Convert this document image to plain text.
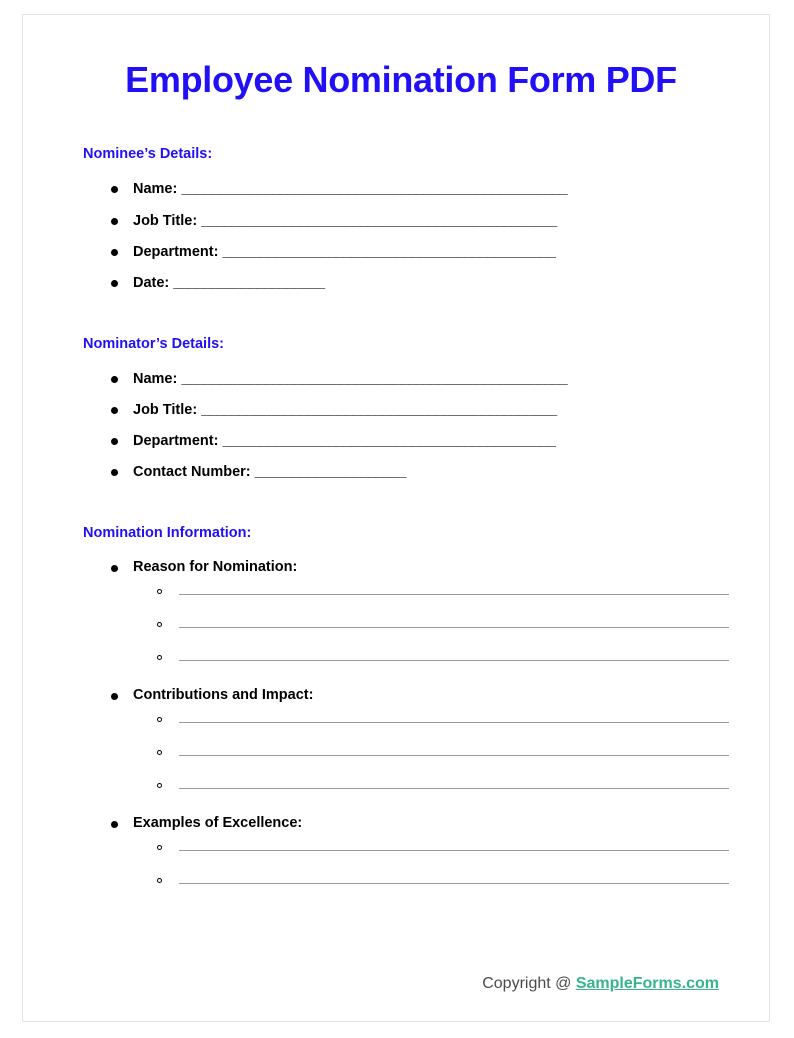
Employee Nomination Form PDF
Nominee’s Details:
Name: ___________________________________________________
Job Title: _______________________________________________
Department: ____________________________________________
Date: ____________________
Nominator’s Details:
Name: ___________________________________________________
Job Title: _______________________________________________
Department: ____________________________________________
Contact Number: ____________________
Nomination Information:
Reason for Nomination:
Contributions and Impact:
Examples of Excellence:
Copyright @ SampleForms.com
